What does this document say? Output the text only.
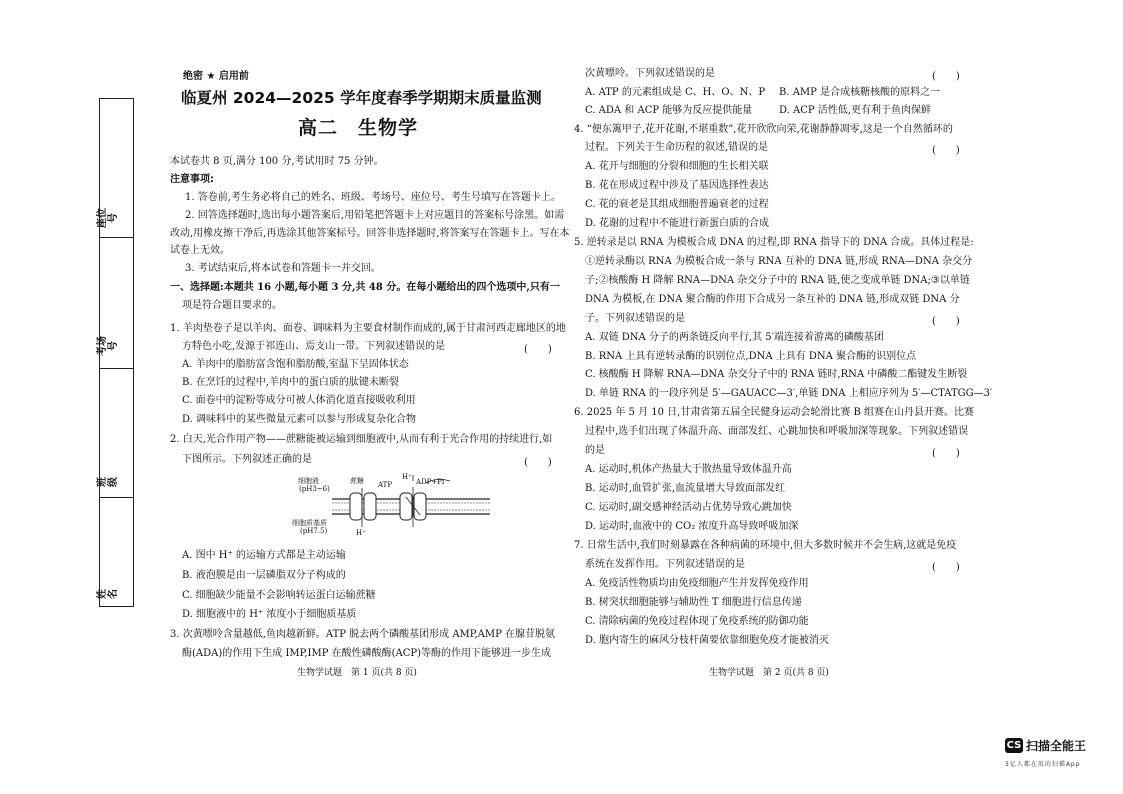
座位号
考场号
班级
姓名
绝密 ★ 启用前
临夏州 2024—2025 学年度春季学期期末质量监测
高二　生物学
本试卷共 8 页,满分 100 分,考试用时 75 分钟。
注意事项:
1. 答卷前,考生务必将自己的姓名、班级、考场号、座位号、考生号填写在答题卡上。
2. 回答选择题时,选出每小题答案后,用铅笔把答题卡上对应题目的答案标号涂黑。如需
改动,用橡皮擦干净后,再选涂其他答案标号。回答非选择题时,将答案写在答题卡上。写在本
试卷上无效。
3. 考试结束后,将本试卷和答题卡一并交回。
一、选择题:本题共 16 小题,每小题 3 分,共 48 分。在每小题给出的四个选项中,只有一
项是符合题目要求的。
1. 羊肉垫卷子是以羊肉、面卷、调味料为主要食材制作而成的,属于甘肃河西走廊地区的地
方特色小吃,发源于祁连山、焉支山一带。下列叙述错误的是	(　　)
A. 羊肉中的脂肪富含饱和脂肪酸,室温下呈固体状态
B. 在烹饪的过程中,羊肉中的蛋白质的肽键未断裂
C. 面卷中的淀粉等成分可被人体消化道直接吸收利用
D. 调味料中的某些微量元素可以参与形成复杂化合物
2. 白天,光合作用产物——蔗糖能被运输到细胞液中,从而有利于光合作用的持续进行,如
下图所示。下列叙述正确的是	(　　)
细胞液
(pH3~6)
细胞质基质
(pH7.5)
蔗糖 ATP
H⁺
ADP+Pi
H⁺
A. 图中 H⁺ 的运输方式都是主动运输
B. 液泡膜是由一层磷脂双分子构成的
C. 细胞缺少能量不会影响转运蛋白运输蔗糖
D. 细胞液中的 H⁺ 浓度小于细胞质基质
3. 次黄嘌呤含量越低,鱼肉越新鲜。ATP 脱去两个磷酸基团形成 AMP,AMP 在腺苷脱氨
酶(ADA)的作用下生成 IMP,IMP 在酸性磷酸酶(ACP)等酶的作用下能够进一步生成
生物学试题　第 1 页(共 8 页)
次黄嘌呤。下列叙述错误的是	(　　)
A. ATP 的元素组成是 C、H、O、N、P B. AMP 是合成核糖核酸的原料之一
C. ADA 和 ACP 能够为反应提供能量	D. ACP 活性低,更有利于鱼肉保鲜
4. “便东篱甲子,花开花谢,不堪重数”,花开欣欣向荣,花谢静静凋零,这是一个自然循环的
过程。下列关于生命历程的叙述,错误的是	(　　)
A. 花开与细胞的分裂和细胞的生长相关联
B. 花在形成过程中涉及了基因选择性表达
C. 花的衰老是其组成细胞普遍衰老的过程
D. 花谢的过程中不能进行新蛋白质的合成
5. 逆转录是以 RNA 为模板合成 DNA 的过程,即 RNA 指导下的 DNA 合成。具体过程是:
①逆转录酶以 RNA 为模板合成一条与 RNA 互补的 DNA 链,形成 RNA—DNA 杂交分
子;②核酸酶 H 降解 RNA—DNA 杂交分子中的 RNA 链,使之变成单链 DNA;③以单链
DNA 为模板,在 DNA 聚合酶的作用下合成另一条互补的 DNA 链,形成双链 DNA 分
子。下列叙述错误的是	(　　)
A. 双链 DNA 分子的两条链反向平行,其 5′端连接着游离的磷酸基团
B. RNA 上具有逆转录酶的识别位点,DNA 上具有 DNA 聚合酶的识别位点
C. 核酸酶 H 降解 RNA—DNA 杂交分子中的 RNA 链时,RNA 中磷酸二酯键发生断裂
D. 单链 RNA 的一段序列是 5′—GAUACC—3′,单链 DNA 上相应序列为 5′—CTATGG—3′
6. 2025 年 5 月 10 日,甘肃省第五届全民健身运动会轮滑比赛 B 组赛在山丹县开赛。比赛
过程中,选手们出现了体温升高、面部发红、心跳加快和呼吸加深等现象。下列叙述错误
的是	(　　)
A. 运动时,机体产热量大于散热量导致体温升高
B. 运动时,血管扩张,血流量增大导致面部发红
C. 运动时,副交感神经活动占优势导致心跳加快
D. 运动时,血液中的 CO₂ 浓度升高导致呼吸加深
7. 日常生活中,我们时刻暴露在各种病菌的环境中,但大多数时候并不会生病,这就是免疫
系统在发挥作用。下列叙述错误的是	(　　)
A. 免疫活性物质均由免疫细胞产生并发挥免疫作用
B. 树突状细胞能够与辅助性 T 细胞进行信息传递
C. 清除病菌的免疫过程体现了免疫系统的防御功能
D. 胞内寄生的麻风分枝杆菌要依靠细胞免疫才能被消灭
生物学试题　第 2 页(共 8 页)
CS 扫描全能王
3亿人都在用的扫描App
